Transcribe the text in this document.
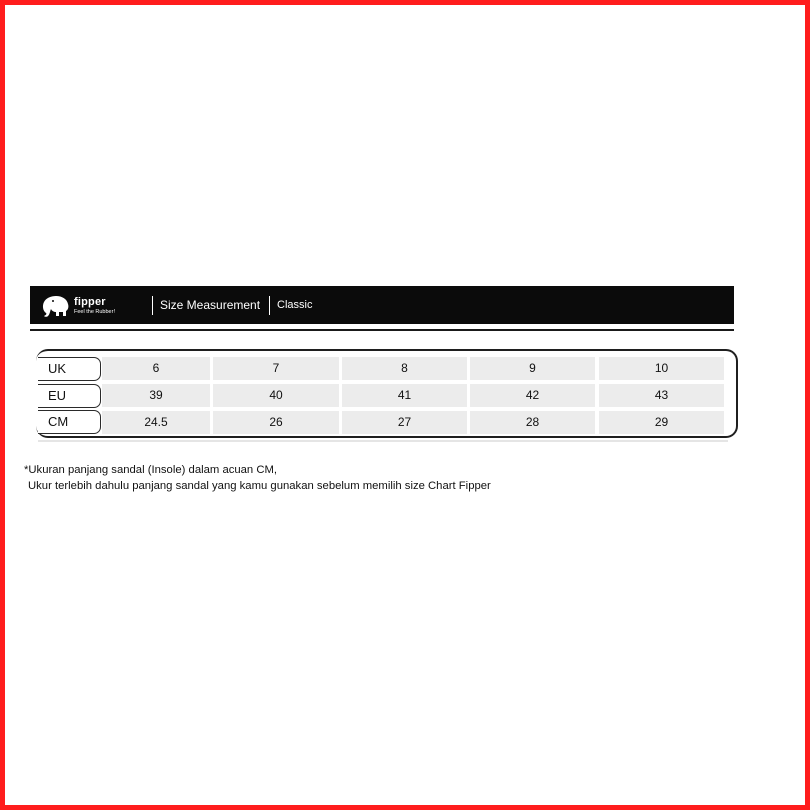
fipper
Feel the Rubber!	Size Measurement Classic
UK	6	7	8	9	10
EU	39	40	41	42	43
CM	24.5	26	27	28	29
*Ukuran panjang sandal (Insole) dalam acuan CM,
Ukur terlebih dahulu panjang sandal yang kamu gunakan sebelum memilih size Chart Fipper
